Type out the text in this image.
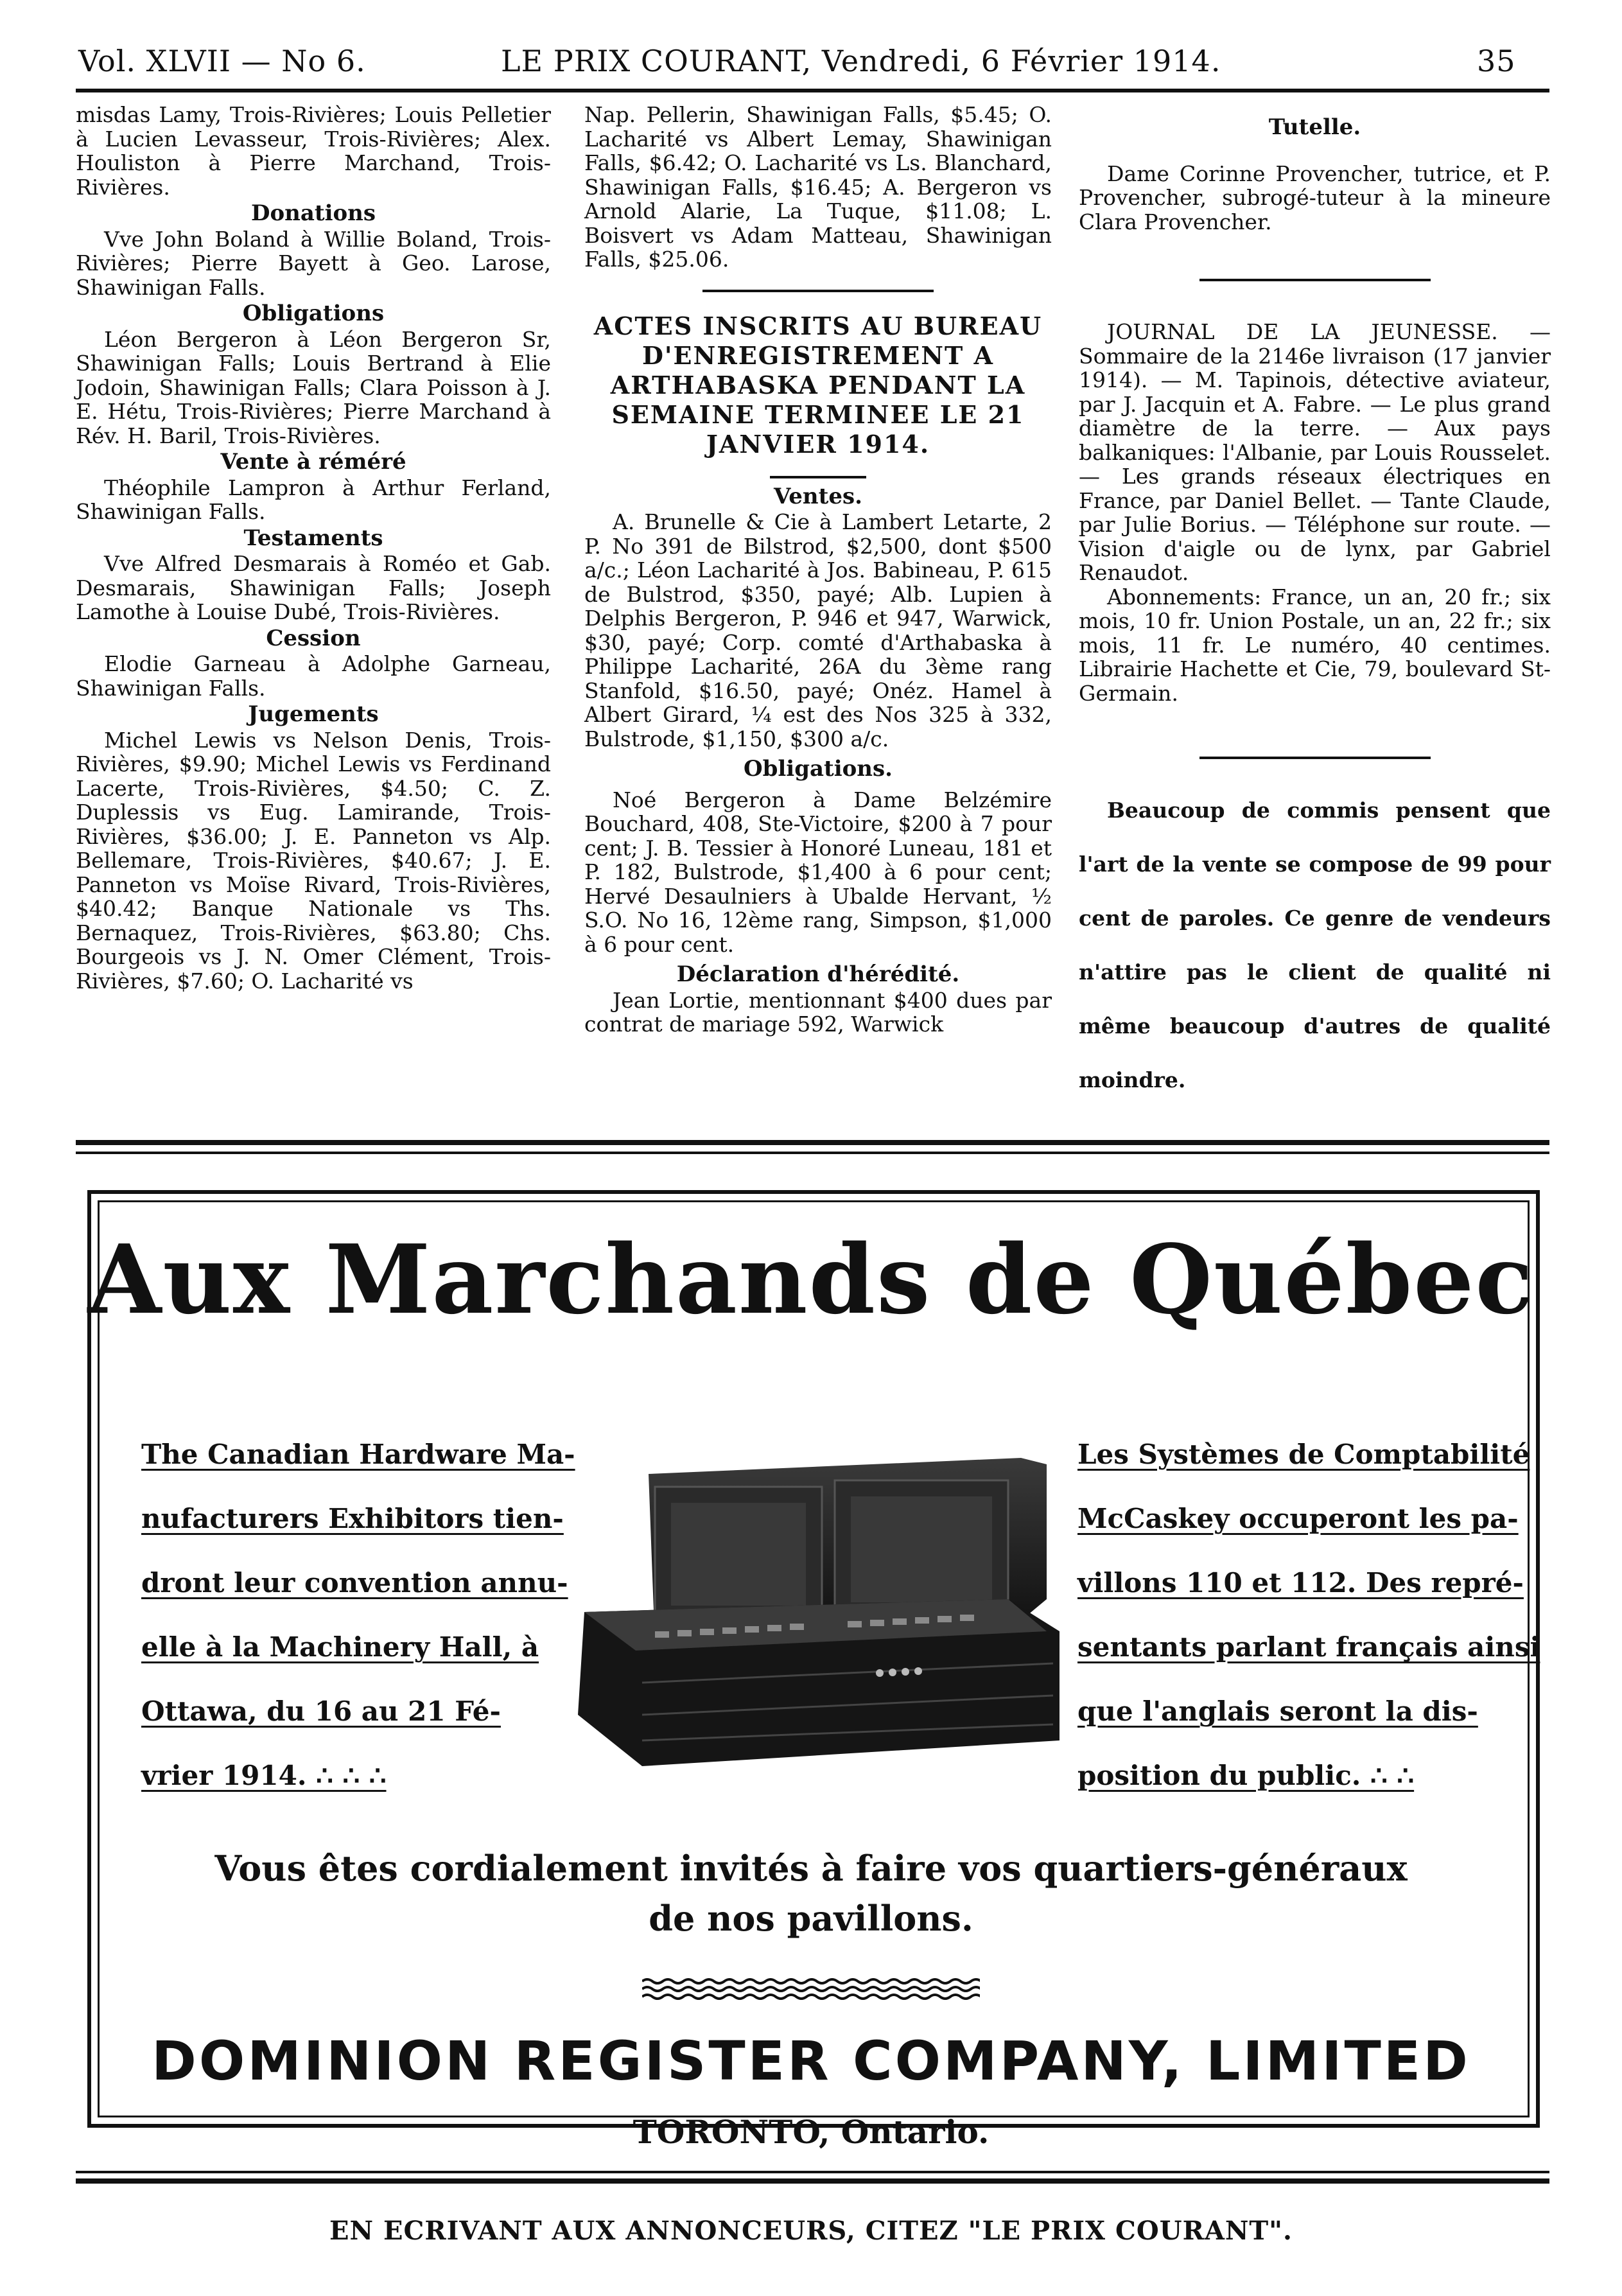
Vol. XLVII — No 6.	LE PRIX COURANT, Vendredi, 6 Février 1914.	35

misdas Lamy, Trois-Rivières; Louis Pelletier à Lucien Levasseur, Trois-Rivières; Alex. Houliston à Pierre Marchand, Trois-Rivières.

Donations

Vve John Boland à Willie Boland, Trois-Rivières; Pierre Bayett à Geo. Larose, Shawinigan Falls.

Obligations

Léon Bergeron à Léon Bergeron Sr, Shawinigan Falls; Louis Bertrand à Elie Jodoin, Shawinigan Falls; Clara Poisson à J. E. Hétu, Trois-Rivières; Pierre Marchand à Rév. H. Baril, Trois-Rivières.

Vente à réméré

Théophile Lampron à Arthur Ferland, Shawinigan Falls.

Testaments

Vve Alfred Desmarais à Roméo et Gab. Desmarais, Shawinigan Falls; Joseph Lamothe à Louise Dubé, Trois-Rivières.

Cession

Elodie Garneau à Adolphe Garneau, Shawinigan Falls.

Jugements

Michel Lewis vs Nelson Denis, Trois-Rivières, $9.90; Michel Lewis vs Ferdinand Lacerte, Trois-Rivières, $4.50; C. Z. Duplessis vs Eug. Lamirande, Trois-Rivières, $36.00; J. E. Panneton vs Alp. Bellemare, Trois-Rivières, $40.67; J. E. Panneton vs Moïse Rivard, Trois-Rivières, $40.42; Banque Nationale vs Ths. Bernaquez, Trois-Rivières, $63.80; Chs. Bourgeois vs J. N. Omer Clément, Trois-Rivières, $7.60; O. Lacharité vs

Nap. Pellerin, Shawinigan Falls, $5.45; O. Lacharité vs Albert Lemay, Shawinigan Falls, $6.42; O. Lacharité vs Ls. Blanchard, Shawinigan Falls, $16.45; A. Bergeron vs Arnold Alarie, La Tuque, $11.08; L. Boisvert vs Adam Matteau, Shawinigan Falls, $25.06.

ACTES INSCRITS AU BUREAU D'ENREGISTREMENT A ARTHABASKA PENDANT LA SEMAINE TERMINEE LE 21 JANVIER 1914.
Ventes.

A. Brunelle & Cie à Lambert Letarte, 2 P. No 391 de Bilstrod, $2,500, dont $500 a/c.; Léon Lacharité à Jos. Babineau, P. 615 de Bulstrod, $350, payé; Alb. Lupien à Delphis Bergeron, P. 946 et 947, Warwick, $30, payé; Corp. comté d'Arthabaska à Philippe Lacharité, 26A du 3ème rang Stanfold, $16.50, payé; Onéz. Hamel à Albert Girard, ¼ est des Nos 325 à 332, Bulstrode, $1,150, $300 a/c.

Obligations.

Noé Bergeron à Dame Belzémire Bouchard, 408, Ste-Victoire, $200 à 7 pour cent; J. B. Tessier à Honoré Luneau, 181 et P. 182, Bulstrode, $1,400 à 6 pour cent; Hervé Desaulniers à Ubalde Hervant, ½ S.O. No 16, 12ème rang, Simpson, $1,000 à 6 pour cent.

Déclaration d'hérédité.

Jean Lortie, mentionnant $400 dues par contrat de mariage 592, Warwick

Tutelle.

Dame Corinne Provencher, tutrice, et P. Provencher, subrogé-tuteur à la mineure Clara Provencher.

JOURNAL DE LA JEUNESSE. — Sommaire de la 2146e livraison (17 janvier 1914). — M. Tapinois, détective aviateur, par J. Jacquin et A. Fabre. — Le plus grand diamètre de la terre. — Aux pays balkaniques: l'Albanie, par Louis Rousselet. — Les grands réseaux électriques en France, par Daniel Bellet. — Tante Claude, par Julie Borius. — Téléphone sur route. — Vision d'aigle ou de lynx, par Gabriel Renaudot.

Abonnements: France, un an, 20 fr.; six mois, 10 fr. Union Postale, un an, 22 fr.; six mois, 11 fr. Le numéro, 40 centimes. Librairie Hachette et Cie, 79, boulevard St-Germain.

Beaucoup de commis pensent que l'art de la vente se compose de 99 pour cent de paroles. Ce genre de vendeurs n'attire pas le client de qualité ni même beaucoup d'autres de qualité moindre.

Aux Marchands de Québec
The Canadian Hardware Ma-
nufacturers Exhibitors tien-
dront leur convention annu-
elle à la Machinery Hall, à
Ottawa, du 16 au 21 Fé-
vrier 1914. ∴ ∴ ∴
Les Systèmes de Comptabilité
McCaskey occuperont les pa-
villons 110 et 112. Des repré-
sentants parlant français ainsi
que l'anglais seront la dis-
position du public. ∴ ∴
Vous êtes cordialement invités à faire vos quartiers-généraux
de nos pavillons.
DOMINION REGISTER COMPANY, LIMITED
TORONTO, Ontario.
EN ECRIVANT AUX ANNONCEURS, CITEZ "LE PRIX COURANT".
